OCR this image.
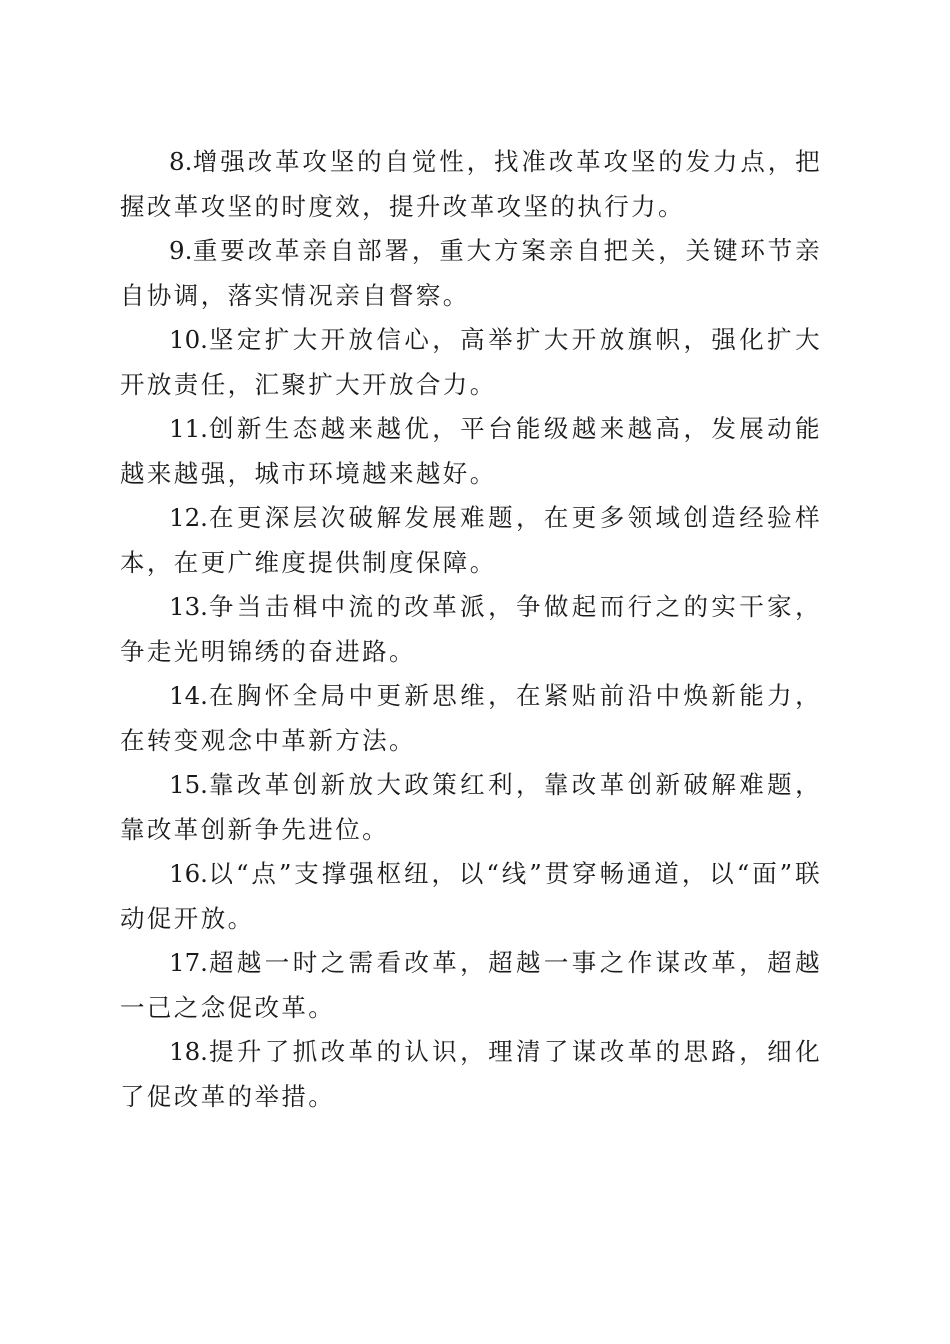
8.增强改革攻坚的自觉性，找准改革攻坚的发力点，把握改革攻坚的时度效，提升改革攻坚的执行力。

9.重要改革亲自部署，重大方案亲自把关，关键环节亲自协调，落实情况亲自督察。

10.坚定扩大开放信心，高举扩大开放旗帜，强化扩大开放责任，汇聚扩大开放合力。

11.创新生态越来越优，平台能级越来越高，发展动能越来越强，城市环境越来越好。

12.在更深层次破解发展难题，在更多领域创造经验样本，在更广维度提供制度保障。

13.争当击楫中流的改革派，争做起而行之的实干家，争走光明锦绣的奋进路。

14.在胸怀全局中更新思维，在紧贴前沿中焕新能力，在转变观念中革新方法。

15.靠改革创新放大政策红利，靠改革创新破解难题，靠改革创新争先进位。

16.以“点”支撑强枢纽，以“线”贯穿畅通道，以“面”联动促开放。

17.超越一时之需看改革，超越一事之作谋改革，超越一己之念促改革。

18.提升了抓改革的认识，理清了谋改革的思路，细化了促改革的举措。
